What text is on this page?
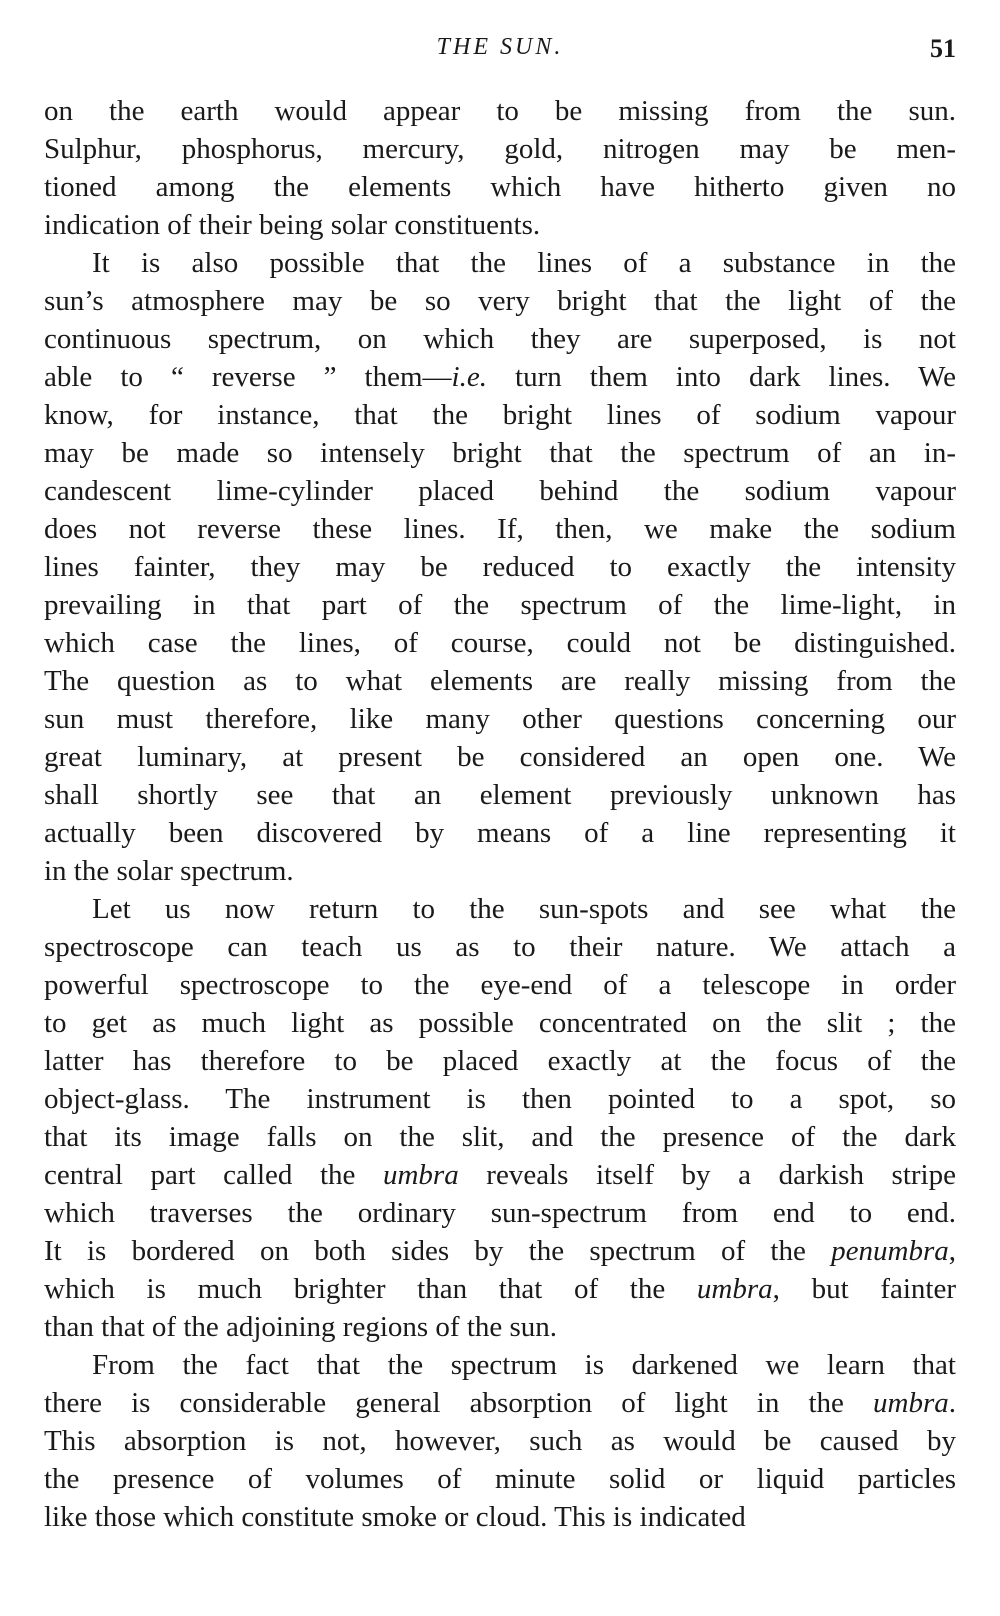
THE SUN.	51
on the earth would appear to be missing from the sun.
Sulphur, phosphorus, mercury, gold, nitrogen may be men-
tioned among the elements which have hitherto given no
indication of their being solar constituents.
It is also possible that the lines of a substance in the
sun’s atmosphere may be so very bright that the light of the
continuous spectrum, on which they are superposed, is not
able to “ reverse ” them—i.e. turn them into dark lines. We
know, for instance, that the bright lines of sodium vapour
may be made so intensely bright that the spectrum of an in-
candescent lime-cylinder placed behind the sodium vapour
does not reverse these lines. If, then, we make the sodium
lines fainter, they may be reduced to exactly the intensity
prevailing in that part of the spectrum of the lime-light, in
which case the lines, of course, could not be distinguished.
The question as to what elements are really missing from the
sun must therefore, like many other questions concerning our
great luminary, at present be considered an open one. We
shall shortly see that an element previously unknown has
actually been discovered by means of a line representing it
in the solar spectrum.
Let us now return to the sun-spots and see what the
spectroscope can teach us as to their nature. We attach a
powerful spectroscope to the eye-end of a telescope in order
to get as much light as possible concentrated on the slit ; the
latter has therefore to be placed exactly at the focus of the
object-glass. The instrument is then pointed to a spot, so
that its image falls on the slit, and the presence of the dark
central part called the umbra reveals itself by a darkish stripe
which traverses the ordinary sun-spectrum from end to end.
It is bordered on both sides by the spectrum of the penumbra,
which is much brighter than that of the umbra, but fainter
than that of the adjoining regions of the sun.
From the fact that the spectrum is darkened we learn that
there is considerable general absorption of light in the umbra.
This absorption is not, however, such as would be caused by
the presence of volumes of minute solid or liquid particles
like those which constitute smoke or cloud. This is indicated
